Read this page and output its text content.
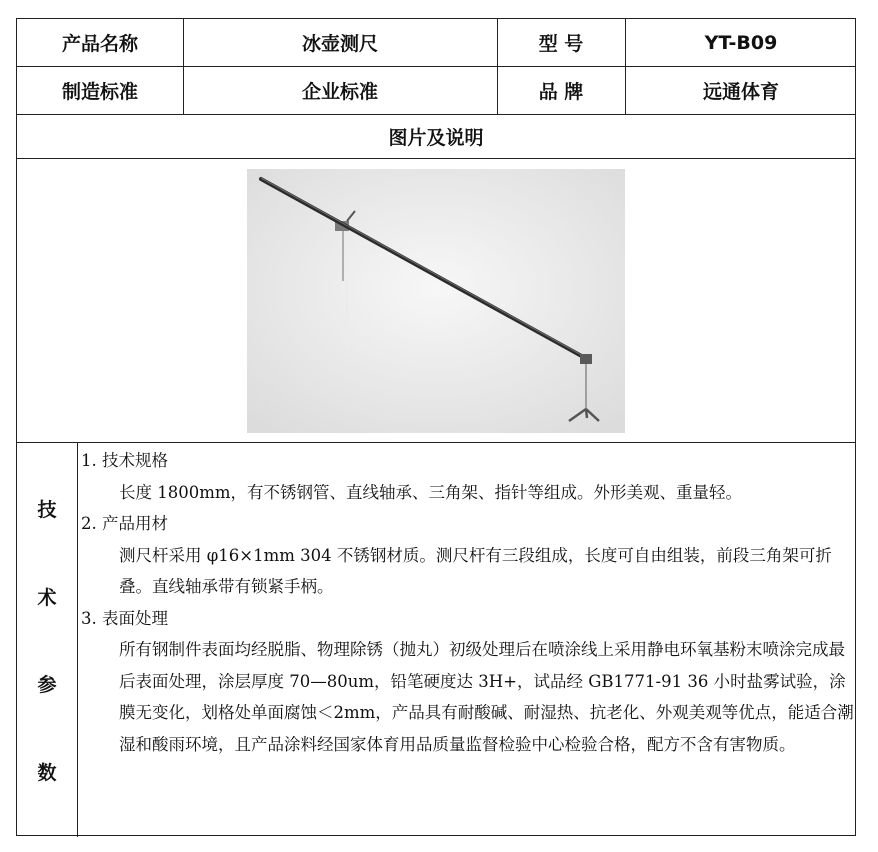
产品名称	冰壶测尺	型 号	YT-B09
制造标准	企业标准	品 牌	远通体育
图片及说明
技
术
参
数
1. 技术规格
长度 1800mm，有不锈钢管、直线轴承、三角架、指针等组成。外形美观、重量轻。
2. 产品用材
测尺杆采用 φ16×1mm 304 不锈钢材质。测尺杆有三段组成，长度可自由组装，前段三角架可折叠。直线轴承带有锁紧手柄。
3. 表面处理
所有钢制件表面均经脱脂、物理除锈（抛丸）初级处理后在喷涂线上采用静电环氧基粉末喷涂完成最后表面处理，涂层厚度 70—80um，铅笔硬度达 3H+，试品经 GB1771-91 36 小时盐雾试验，涂膜无变化，划格处单面腐蚀＜2mm，产品具有耐酸碱、耐湿热、抗老化、外观美观等优点，能适合潮湿和酸雨环境，且产品涂料经国家体育用品质量监督检验中心检验合格，配方不含有害物质。
